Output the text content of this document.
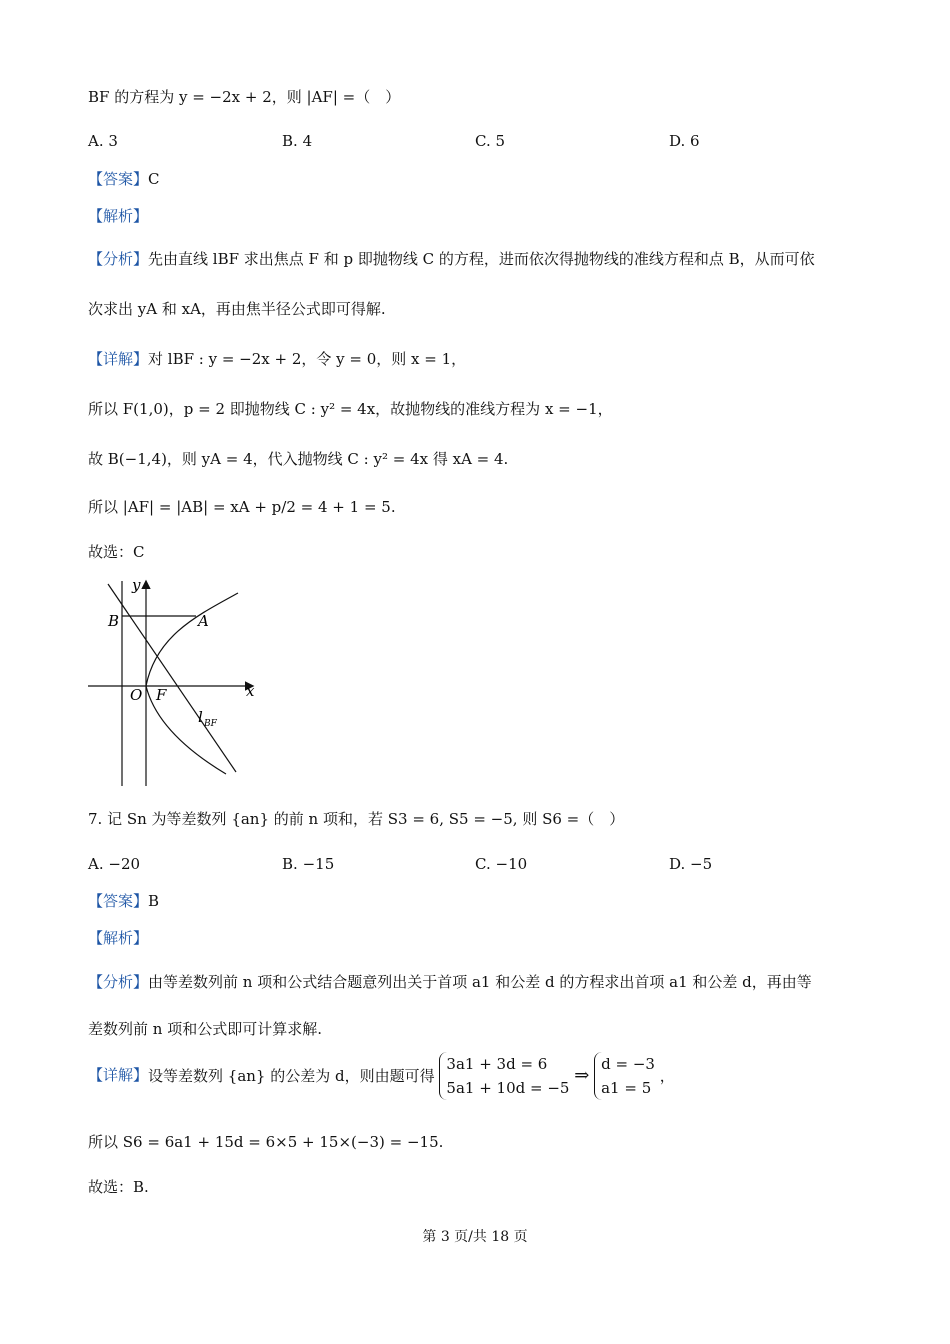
BF 的方程为 y = −2x + 2，则 |AF| =（　）
A. 3	B. 4	C. 5	D. 6
【答案】C
【解析】
【分析】先由直线 lBF 求出焦点 F 和 p 即抛物线 C 的方程，进而依次得抛物线的准线方程和点 B，从而可依
次求出 yA 和 xA，再由焦半径公式即可得解.
【详解】对 lBF : y = −2x + 2，令 y = 0，则 x = 1，
所以 F(1,0)，p = 2 即抛物线 C : y² = 4x，故抛物线的准线方程为 x = −1，
故 B(−1,4)，则 yA = 4，代入抛物线 C : y² = 4x 得 xA = 4.
所以 |AF| = |AB| = xA + p/2 = 4 + 1 = 5.
故选：C
y
x
O F
B	A
l BF
7. 记 Sn 为等差数列 {an} 的前 n 项和，若 S3 = 6, S5 = −5, 则 S6 =（　）
A. −20	B. −15	C. −10	D. −5
【答案】B
【解析】
【分析】由等差数列前 n 项和公式结合题意列出关于首项 a1 和公差 d 的方程求出首项 a1 和公差 d，再由等
差数列前 n 项和公式即可计算求解.
【详解】设等差数列 {an} 的公差为 d，则由题可得
3a1 + 3d = 6
5a1 + 10d = −5
⇒
d = −3
a1 = 5
，
所以 S6 = 6a1 + 15d = 6×5 + 15×(−3) = −15.
故选：B.
第 3 页/共 18 页
